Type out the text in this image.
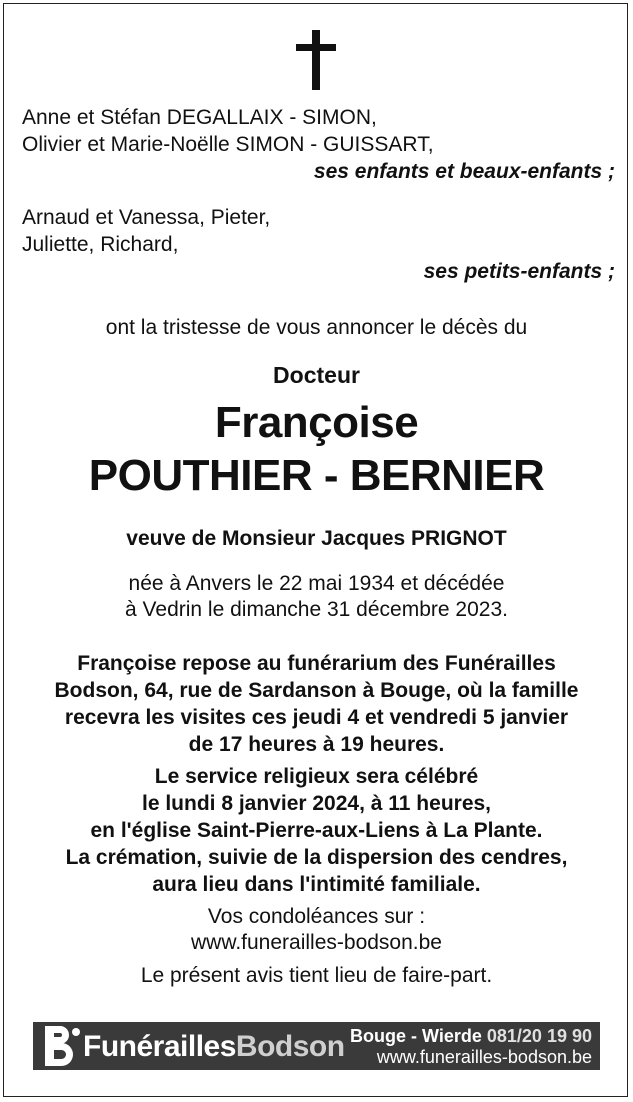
Anne et Stéfan DEGALLAIX - SIMON,
Olivier et Marie-Noëlle SIMON - GUISSART,
ses enfants et beaux-enfants ;
Arnaud et Vanessa, Pieter,
Juliette, Richard,
ses petits-enfants ;
ont la tristesse de vous annoncer le décès du
Docteur
Françoise
POUTHIER - BERNIER
veuve de Monsieur Jacques PRIGNOT
née à Anvers le 22 mai 1934 et décédée
à Vedrin le dimanche 31 décembre 2023.
Françoise repose au funérarium des Funérailles
Bodson, 64, rue de Sardanson à Bouge, où la famille
recevra les visites ces jeudi 4 et vendredi 5 janvier
de 17 heures à 19 heures.
Le service religieux sera célébré
le lundi 8 janvier 2024, à 11 heures,
en l'église Saint-Pierre-aux-Liens à La Plante.
La crémation, suivie de la dispersion des cendres,
aura lieu dans l'intimité familiale.
Vos condoléances sur :
www.funerailles-bodson.be
Le présent avis tient lieu de faire-part.
FunéraillesBodson Bouge - Wierde 081/20 19 90
www.funerailles-bodson.be
